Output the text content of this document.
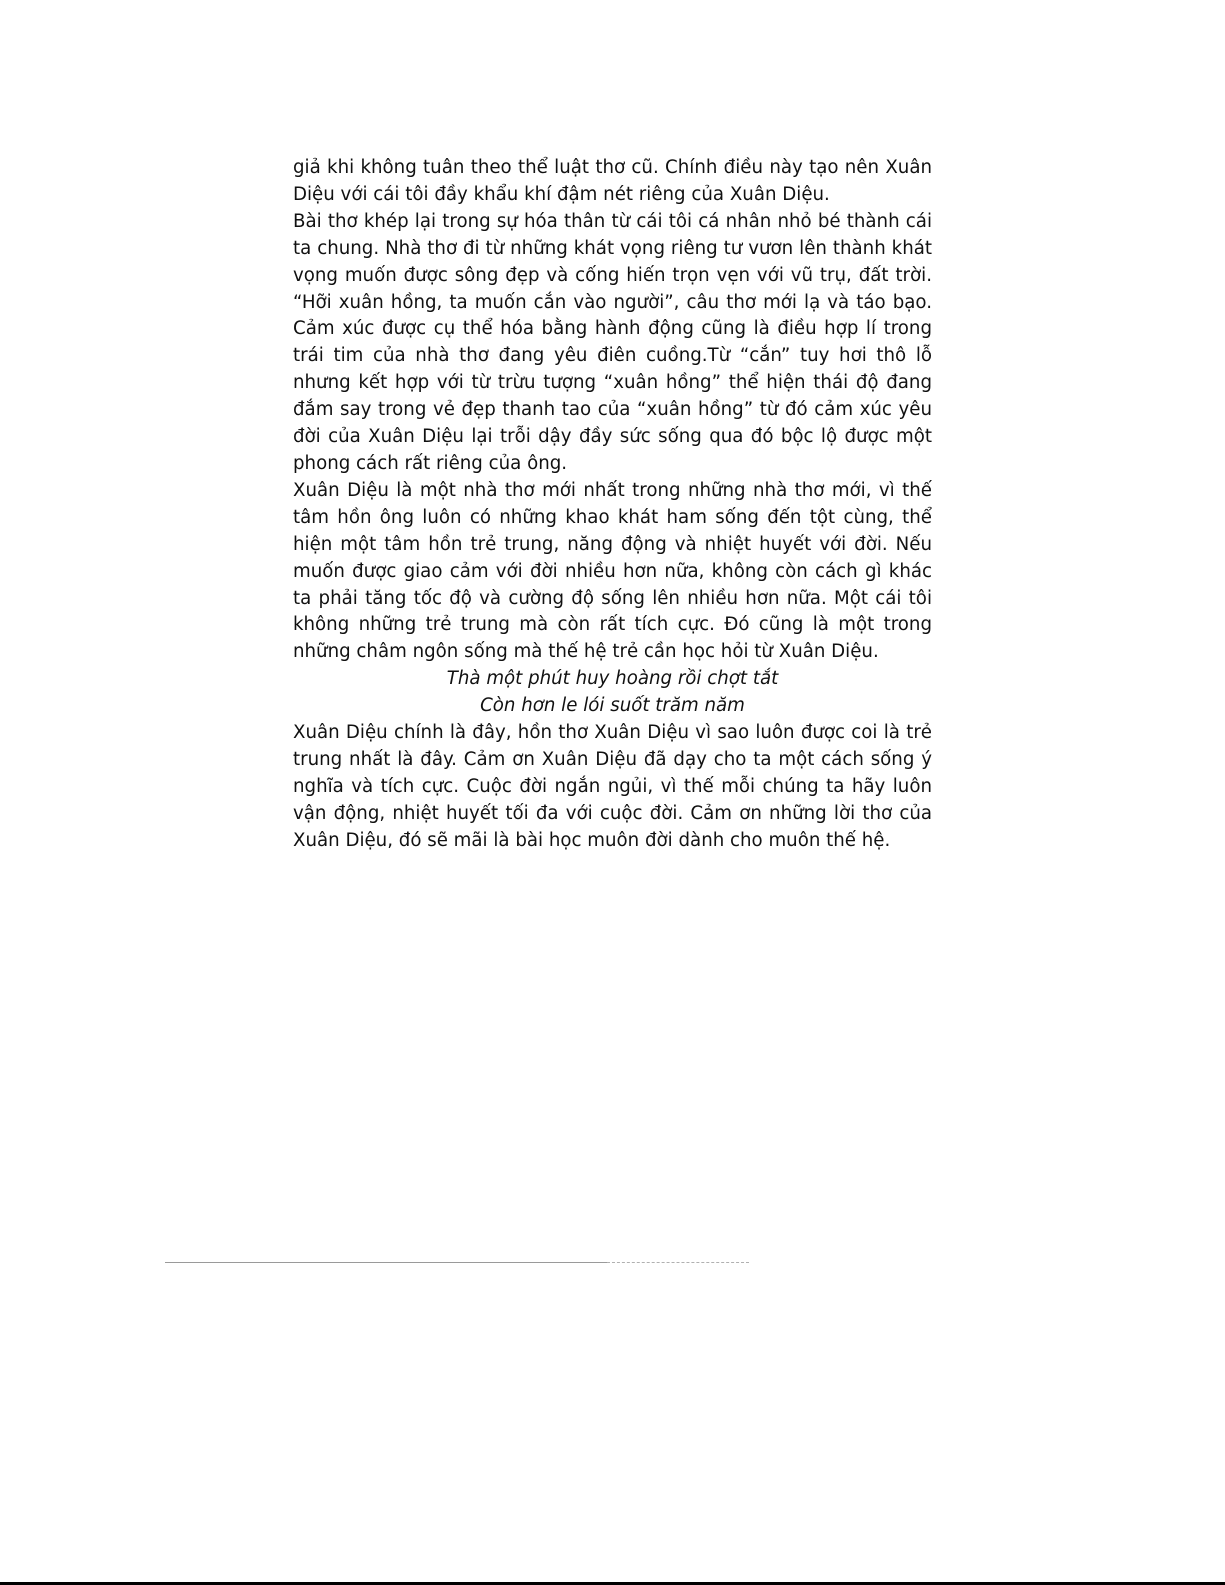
giả khi không tuân theo thể luật thơ cũ. Chính điều này tạo nên Xuân Diệu với cái tôi đầy khẩu khí đậm nét riêng của Xuân Diệu.

Bài thơ khép lại trong sự hóa thân từ cái tôi cá nhân nhỏ bé thành cái ta chung. Nhà thơ đi từ những khát vọng riêng tư vươn lên thành khát vọng muốn được sông đẹp và cống hiến trọn vẹn với vũ trụ, đất trời. “Hỡi xuân hồng, ta muốn cắn vào người”, câu thơ mới lạ và táo bạo. Cảm xúc được cụ thể hóa bằng hành động cũng là điều hợp lí trong trái tim của nhà thơ đang yêu điên cuồng.Từ “cắn” tuy hơi thô lỗ nhưng kết hợp với từ trừu tượng “xuân hồng” thể hiện thái độ đang đắm say trong vẻ đẹp thanh tao của “xuân hồng” từ đó cảm xúc yêu đời của Xuân Diệu lại trỗi dậy đầy sức sống qua đó bộc lộ được một phong cách rất riêng của ông.

Xuân Diệu là một nhà thơ mới nhất trong những nhà thơ mới, vì thế tâm hồn ông luôn có những khao khát ham sống đến tột cùng, thể hiện một tâm hồn trẻ trung, năng động và nhiệt huyết với đời. Nếu muốn được giao cảm với đời nhiều hơn nữa, không còn cách gì khác ta phải tăng tốc độ và cường độ sống lên nhiều hơn nữa. Một cái tôi không những trẻ trung mà còn rất tích cực. Đó cũng là một trong những châm ngôn sống mà thế hệ trẻ cần học hỏi từ Xuân Diệu.

Thà một phút huy hoàng rồi chợt tắt

Còn hơn le lói suốt trăm năm

Xuân Diệu chính là đây, hồn thơ Xuân Diệu vì sao luôn được coi là trẻ trung nhất là đây. Cảm ơn Xuân Diệu đã dạy cho ta một cách sống ý nghĩa và tích cực. Cuộc đời ngắn ngủi, vì thế mỗi chúng ta hãy luôn vận động, nhiệt huyết tối đa với cuộc đời. Cảm ơn những lời thơ của Xuân Diệu, đó sẽ mãi là bài học muôn đời dành cho muôn thế hệ.
